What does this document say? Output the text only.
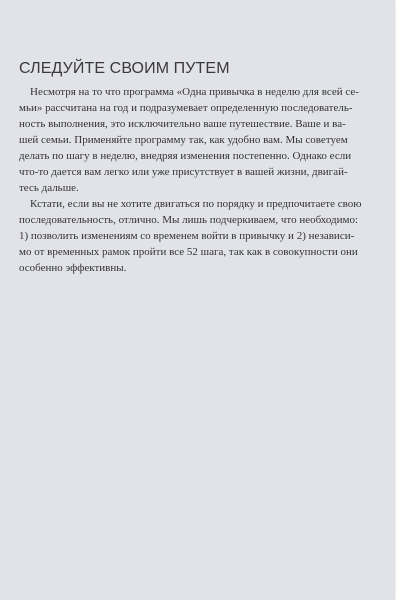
СЛЕДУЙТЕ СВОИМ ПУТЕМ

Несмотря на то что программа «Одна привычка в неделю для всей се-
мьи» рассчитана на год и подразумевает определенную последователь-
ность выполнения, это исключительно ваше путешествие. Ваше и ва-
шей семьи. Применяйте программу так, как удобно вам. Мы советуем
делать по шагу в неделю, внедряя изменения постепенно. Однако если
что-то дается вам легко или уже присутствует в вашей жизни, двигай-
тесь дальше.

Кстати, если вы не хотите двигаться по порядку и предпочитаете свою
последовательность, отлично. Мы лишь подчеркиваем, что необходимо:
1) позволить изменениям со временем войти в привычку и 2) независи-
мо от временных рамок пройти все 52 шага, так как в совокупности они
особенно эффективны.
